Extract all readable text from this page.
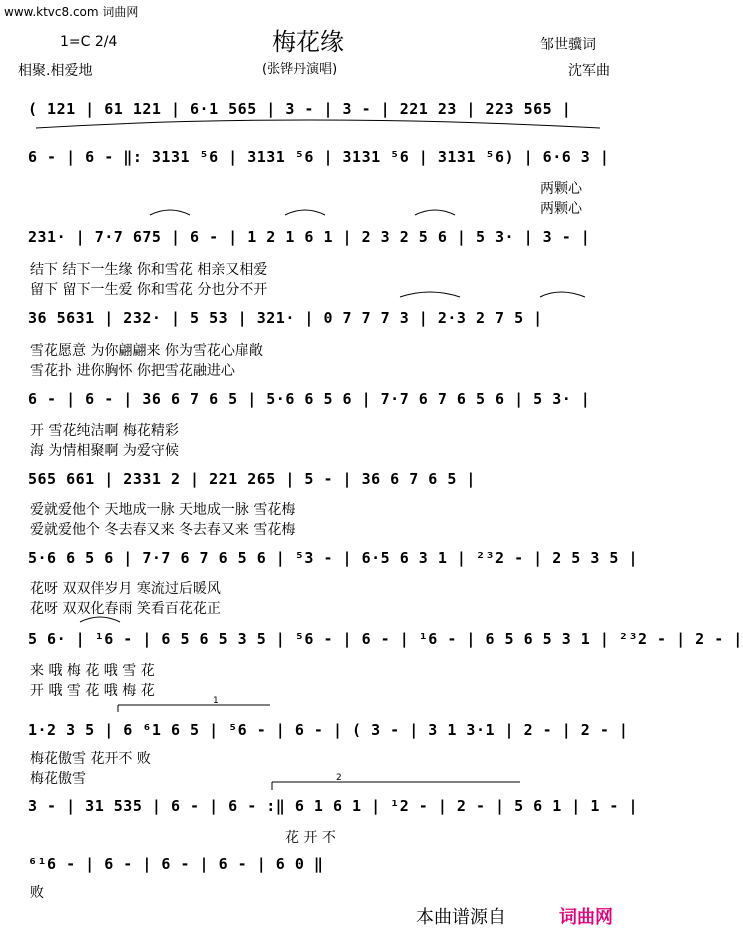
www.ktvc8.com 词曲网
梅花缘
1=C 2/4
相聚.相爱地	(张铧丹演唱)
邹世骥词
沈军曲
1
2
( 121 | 61 121 | 6·1 565 | 3 - | 3 - | 221 23 | 223 565 |
6 - | 6 - ‖: 3131 ⁵6 | 3131 ⁵6 | 3131 ⁵6 | 3131 ⁵6) | 6·6 3 |
两颗心
两颗心
231· | 7·7 675 | 6 - | 1 2 1 6 1 | 2 3 2 5 6 | 5 3· | 3 - |
结下 结下一生缘 你和雪花 相亲又相爱
留下 留下一生爱 你和雪花 分也分不开
36 5631 | 232· | 5 53 | 321· | 0 7 7 7 3 | 2·3 2 7 5 |
雪花愿意 为你翩翩来 你为雪花心扉敞
雪花扑 进你胸怀 你把雪花融进心
6 - | 6 - | 36 6 7 6 5 | 5·6 6 5 6 | 7·7 6 7 6 5 6 | 5 3· |
开 雪花纯洁啊 梅花精彩
海 为情相聚啊 为爱守候
565 661 | 2331 2 | 221 265 | 5 - | 36 6 7 6 5 |
爱就爱他个 天地成一脉 天地成一脉 雪花梅
爱就爱他个 冬去春又来 冬去春又来 雪花梅
5·6 6 5 6 | 7·7 6 7 6 5 6 | ⁵3 - | 6·5 6 3 1 | ²³2 - | 2 5 3 5 |
花呀 双双伴岁月 寒流过后暖风
花呀 双双化春雨 笑看百花花正
5 6· | ¹6 - | 6 5 6 5 3 5 | ⁵6 - | 6 - | ¹6 - | 6 5 6 5 3 1 | ²³2 - | 2 - |
来 哦 梅 花 哦 雪 花
开 哦 雪 花 哦 梅 花
1·2 3 5 | 6 ⁶1 6 5 | ⁵6 - | 6 - | ( 3 - | 3 1 3·1 | 2 - | 2 - |
梅花傲雪 花开不 败
梅花傲雪
3 - | 31 535 | 6 - | 6 - :‖ 6 1 6 1 | ¹2 - | 2 - | 5 6 1 | 1 - |
花 开 不
⁶¹6 - | 6 - | 6 - | 6 - | 6 0 ‖
败
本曲谱源自	词曲网
